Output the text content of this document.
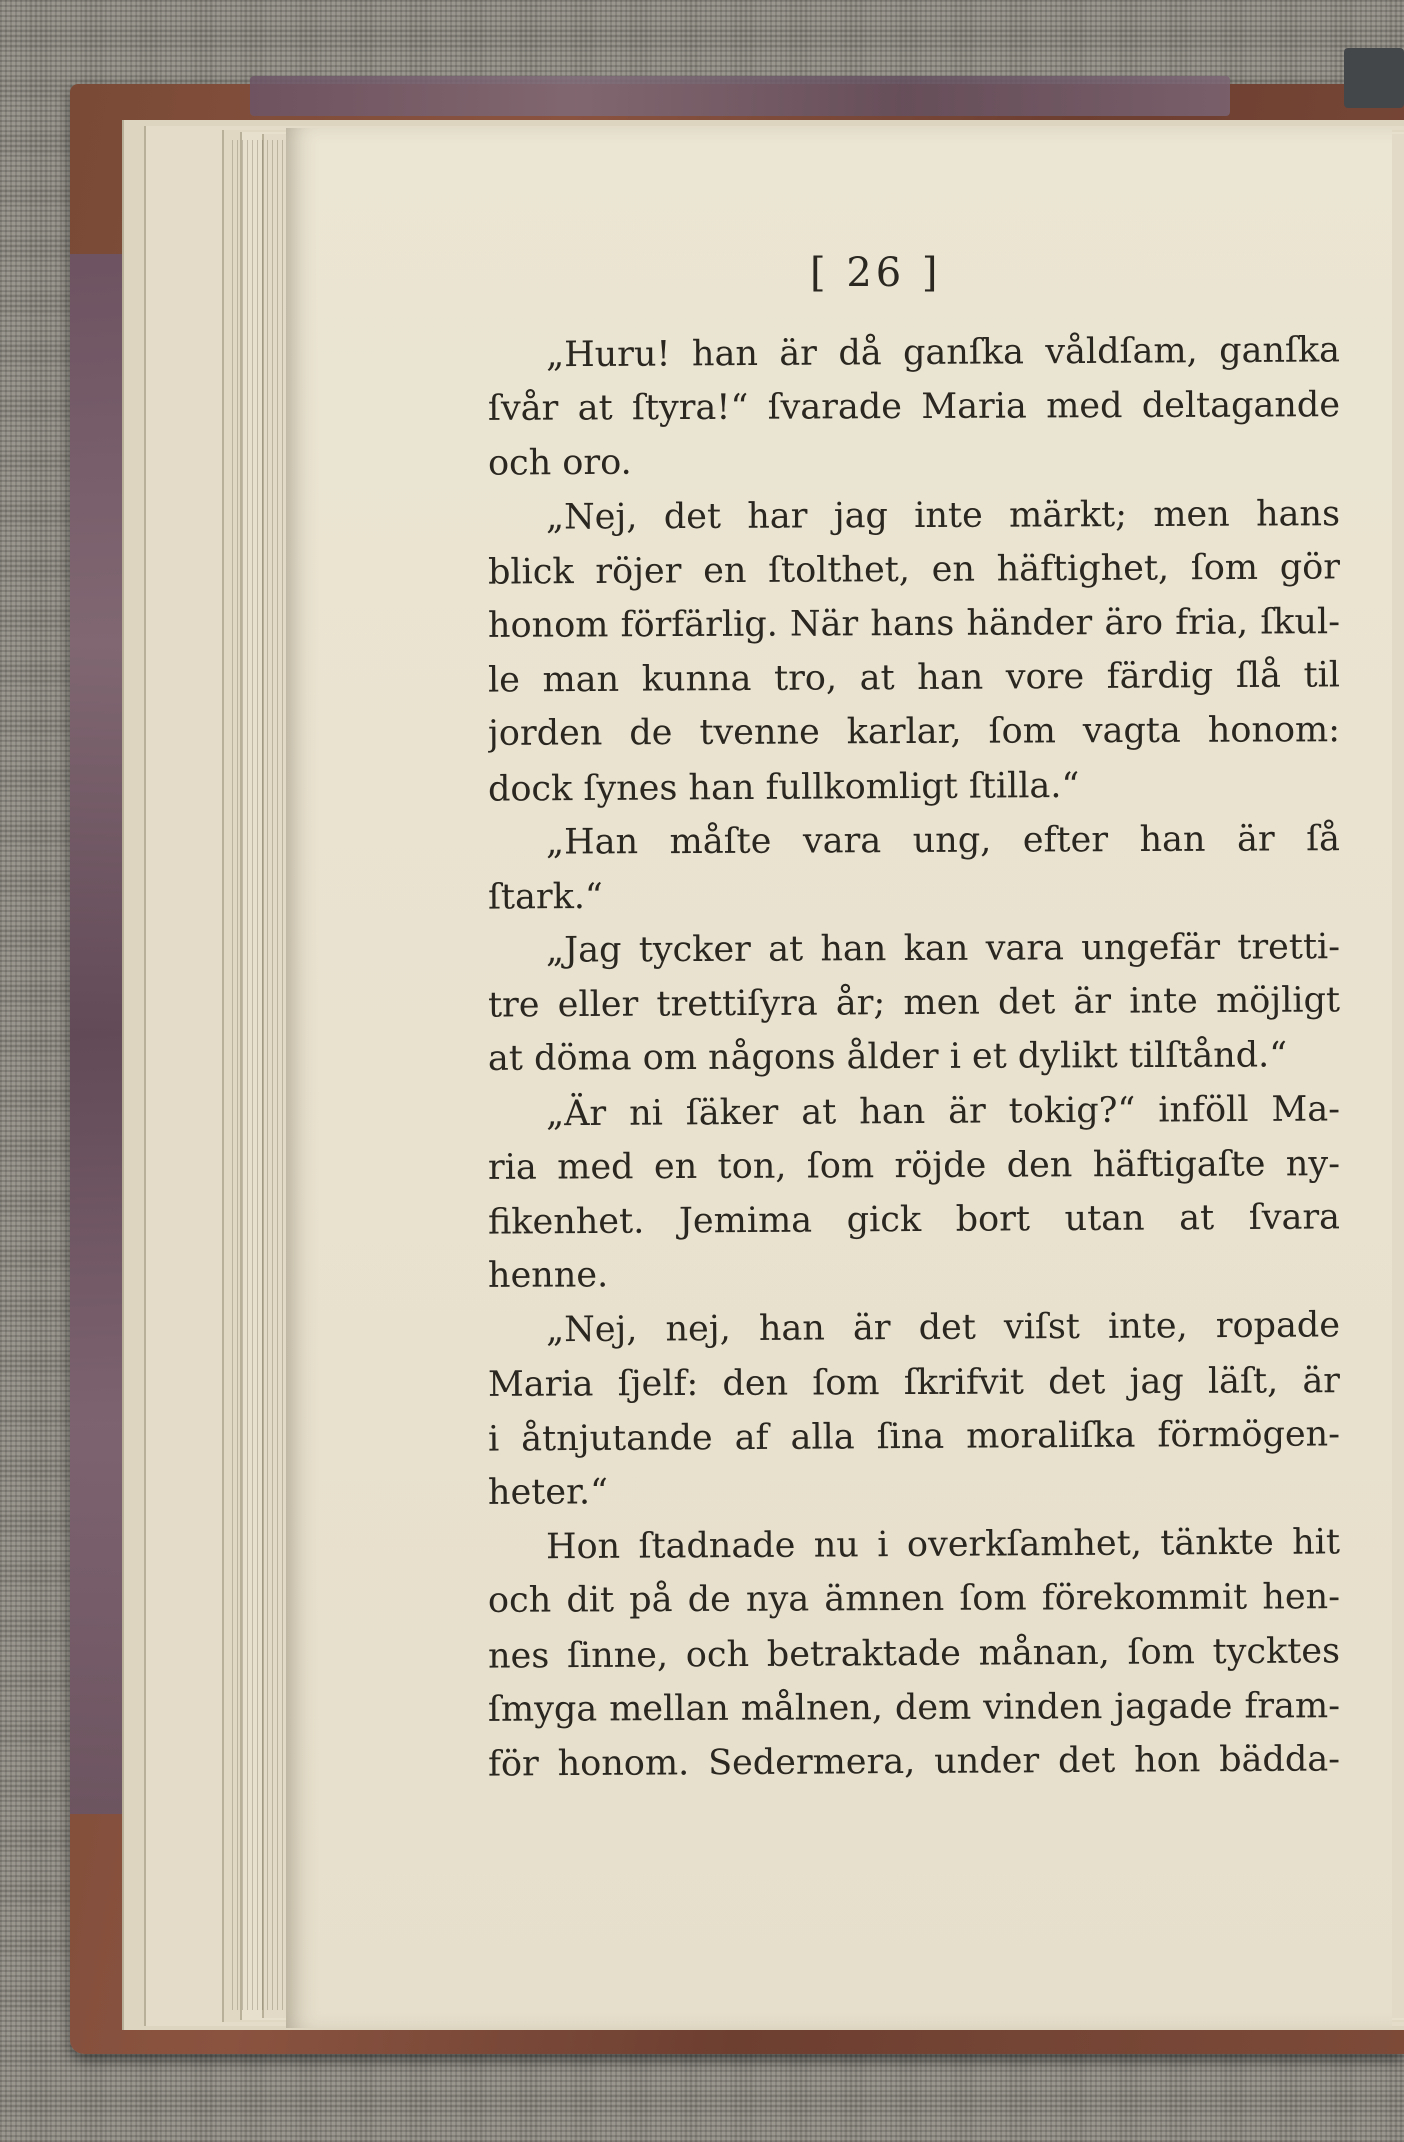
[ 26 ]
„Huru! han är då ganſka våldſam, ganſka
ſvår at ſtyra!“ ſvarade Maria med deltagande
och oro.
„Nej, det har jag inte märkt; men hans
blick röjer en ſtolthet, en häftighet, ſom gör
honom förfärlig. När hans händer äro fria, ſkul-
le man kunna tro, at han vore färdig ſlå til
jorden de tvenne karlar, ſom vagta honom:
dock ſynes han fullkomligt ſtilla.“
„Han måſte vara ung, efter han är ſå
ſtark.“
„Jag tycker at han kan vara ungefär tretti-
tre eller trettiſyra år; men det är inte möjligt
at döma om någons ålder i et dylikt tilſtånd.“
„Är ni ſäker at han är tokig?“ inföll Ma-
ria med en ton, ſom röjde den häftigaſte ny-
fikenhet. Jemima gick bort utan at ſvara
henne.
„Nej, nej, han är det viſst inte, ropade
Maria ſjelf: den ſom ſkrifvit det jag läſt, är
i åtnjutande af alla ſina moraliſka förmögen-
heter.“
Hon ſtadnade nu i overkſamhet, tänkte hit
och dit på de nya ämnen ſom förekommit hen-
nes ſinne, och betraktade månan, ſom tycktes
ſmyga mellan målnen, dem vinden jagade fram-
för honom. Sedermera, under det hon bädda-
